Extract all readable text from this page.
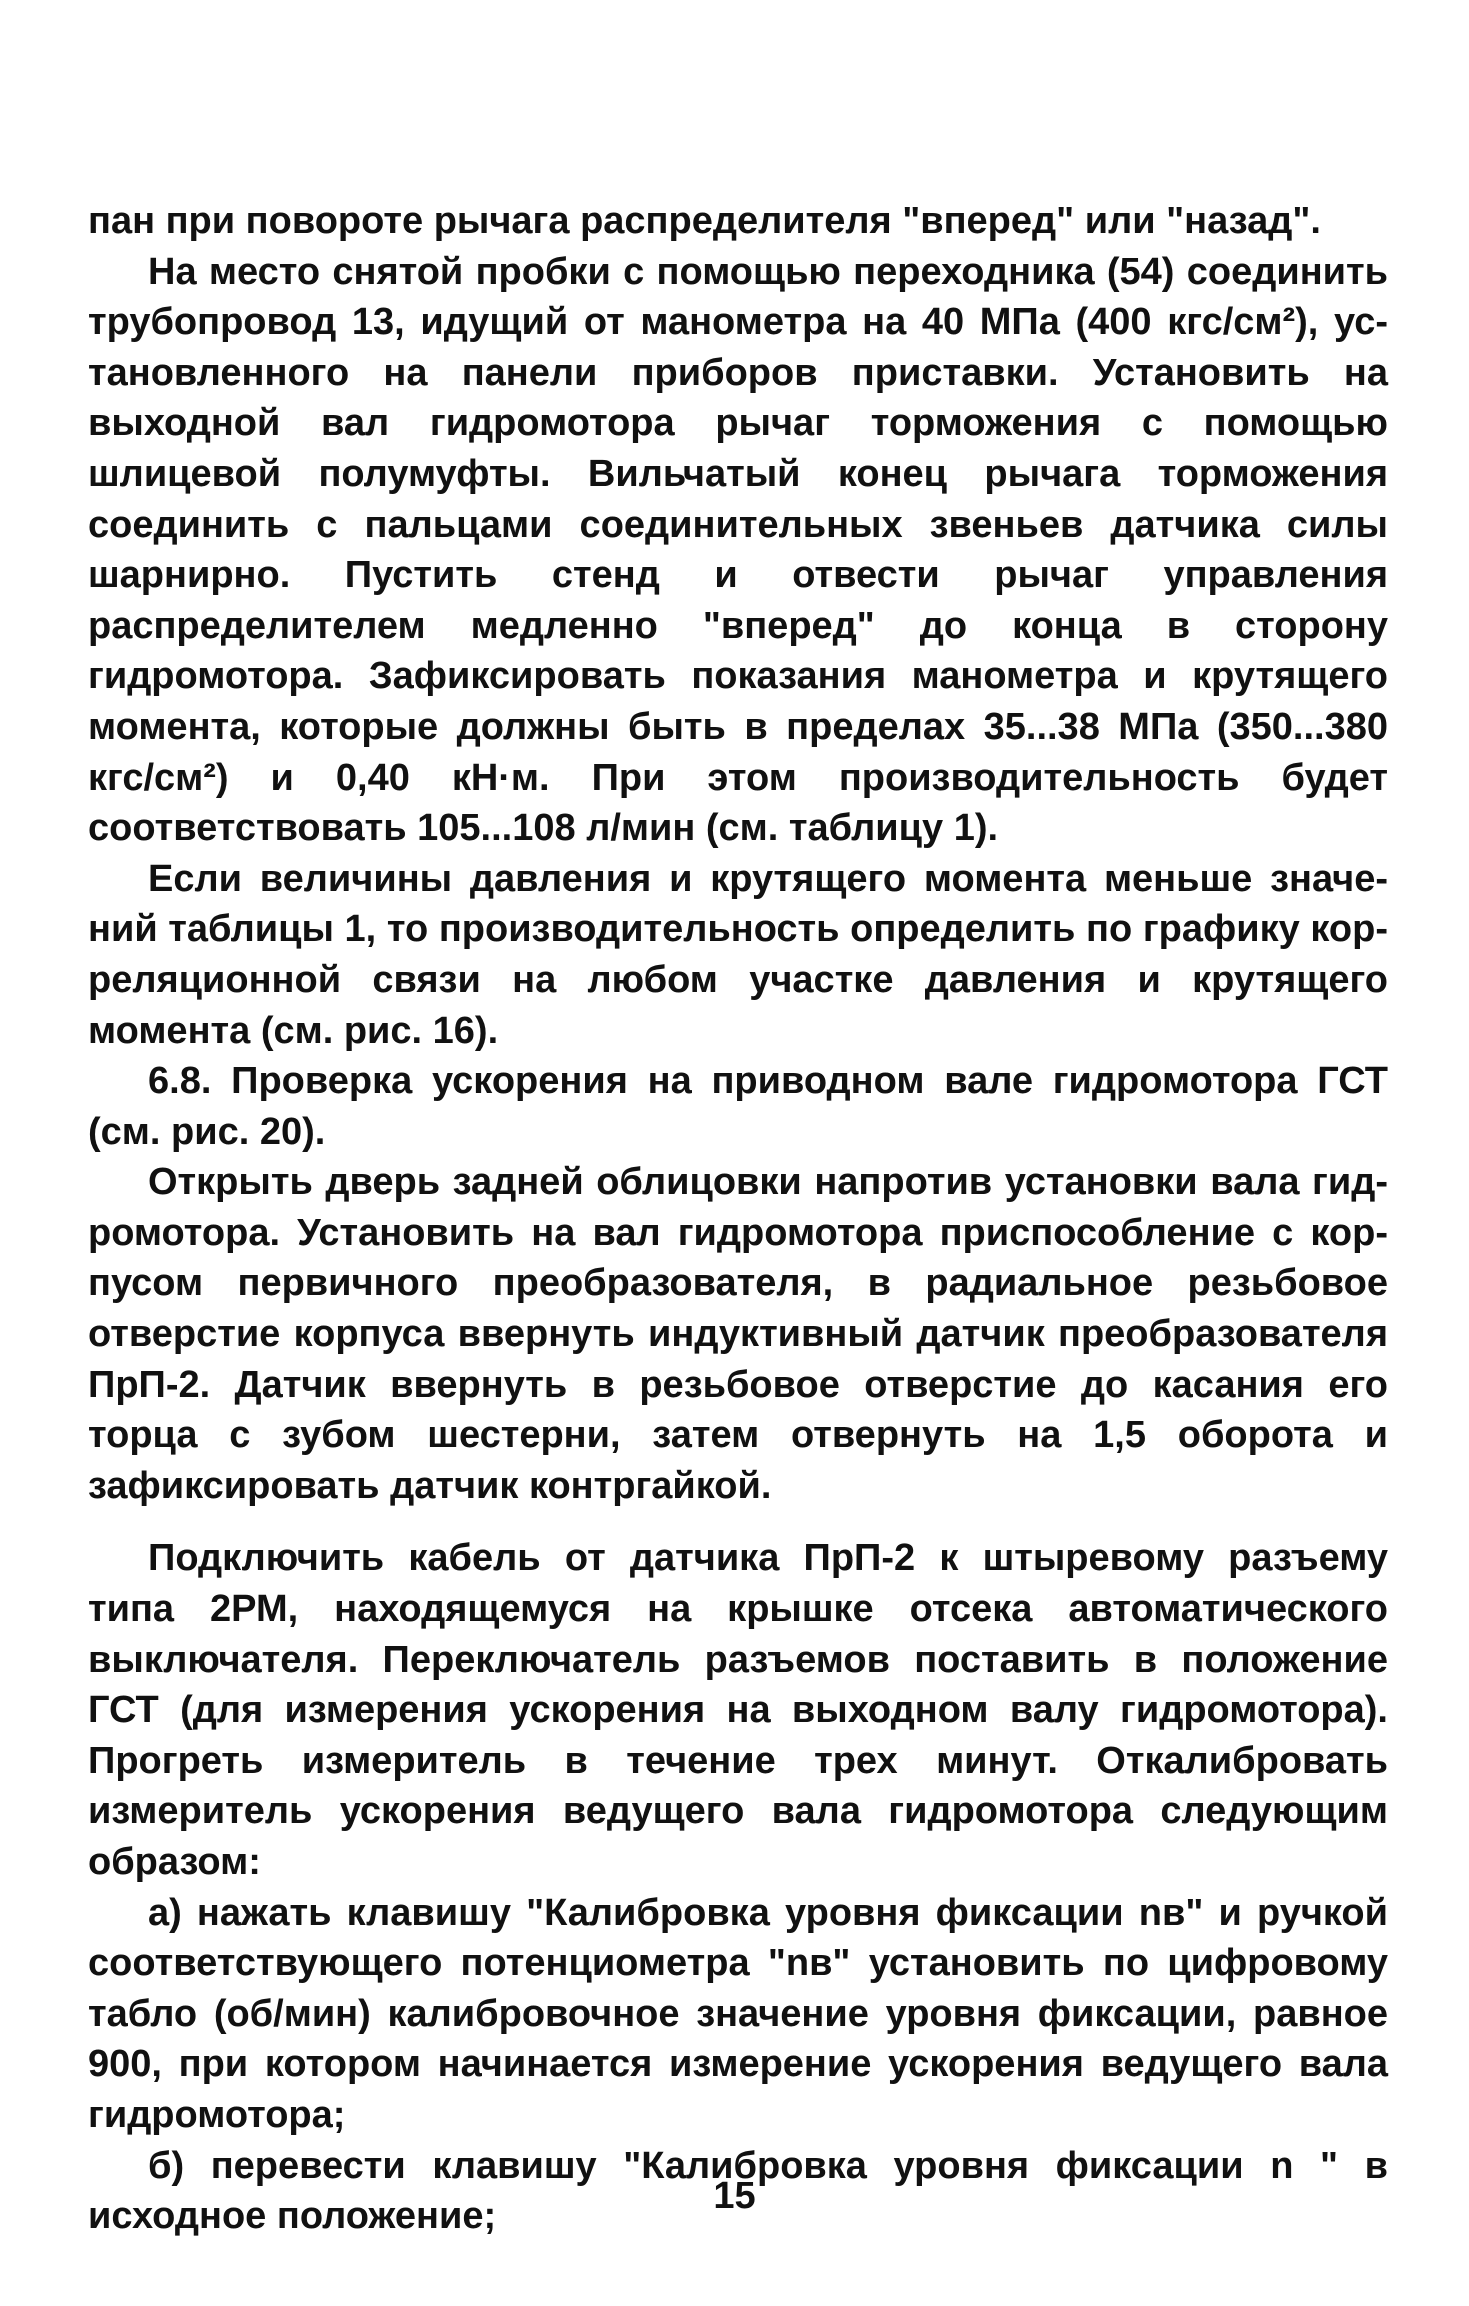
пан при повороте рычага распределителя "вперед" или "назад".

На место снятой пробки с помощью переходника (54) соединить трубопровод 13, идущий от манометра на 40 МПа (400 кгс/см²), установленного на панели приборов приставки. Установить на выходной вал гидромотора рычаг торможения с помощью шлицевой полумуфты. Вильчатый конец рычага торможения соединить с пальцами соединительных звеньев датчика силы шарнирно. Пустить стенд и отвести рычаг управления распределителем медленно "вперед" до конца в сторону гидромотора. Зафиксировать показания манометра и крутящего момента, которые должны быть в пределах 35...38 МПа (350...380 кгс/см²) и 0,40 кН·м. При этом производительность будет соответствовать 105...108 л/мин (см. таблицу 1).

Если величины давления и крутящего момента меньше значений таблицы 1, то производительность определить по графику корреляционной связи на любом участке давления и крутящего момента (см. рис. 16).

6.8. Проверка ускорения на приводном вале гидромотора ГСТ (см. рис. 20).

Открыть дверь задней облицовки напротив установки вала гидромотора. Установить на вал гидромотора приспособление с корпусом первичного преобразователя, в радиальное резьбовое отверстие корпуса ввернуть индуктивный датчик преобразователя ПрП-2. Датчик ввернуть в резьбовое отверстие до касания его торца с зубом шестерни, затем отвернуть на 1,5 оборота и зафиксировать датчик контргайкой.

Подключить кабель от датчика ПрП-2 к штыревому разъему типа 2РМ, находящемуся на крышке отсека автоматического выключателя. Переключатель разъемов поставить в положение ГСТ (для измерения ускорения на выходном валу гидромотора). Прогреть измеритель в течение трех минут. Откалибровать измеритель ускорения ведущего вала гидромотора следующим образом:

а) нажать клавишу "Калибровка уровня фиксации nв" и ручкой соответствующего потенциометра "nв" установить по цифровому табло (об/мин) калибровочное значение уровня фиксации, равное 900, при котором начинается измерение ускорения ведущего вала гидромотора;

б) перевести клавишу "Калибровка уровня фиксации n " в исходное положение;	15
